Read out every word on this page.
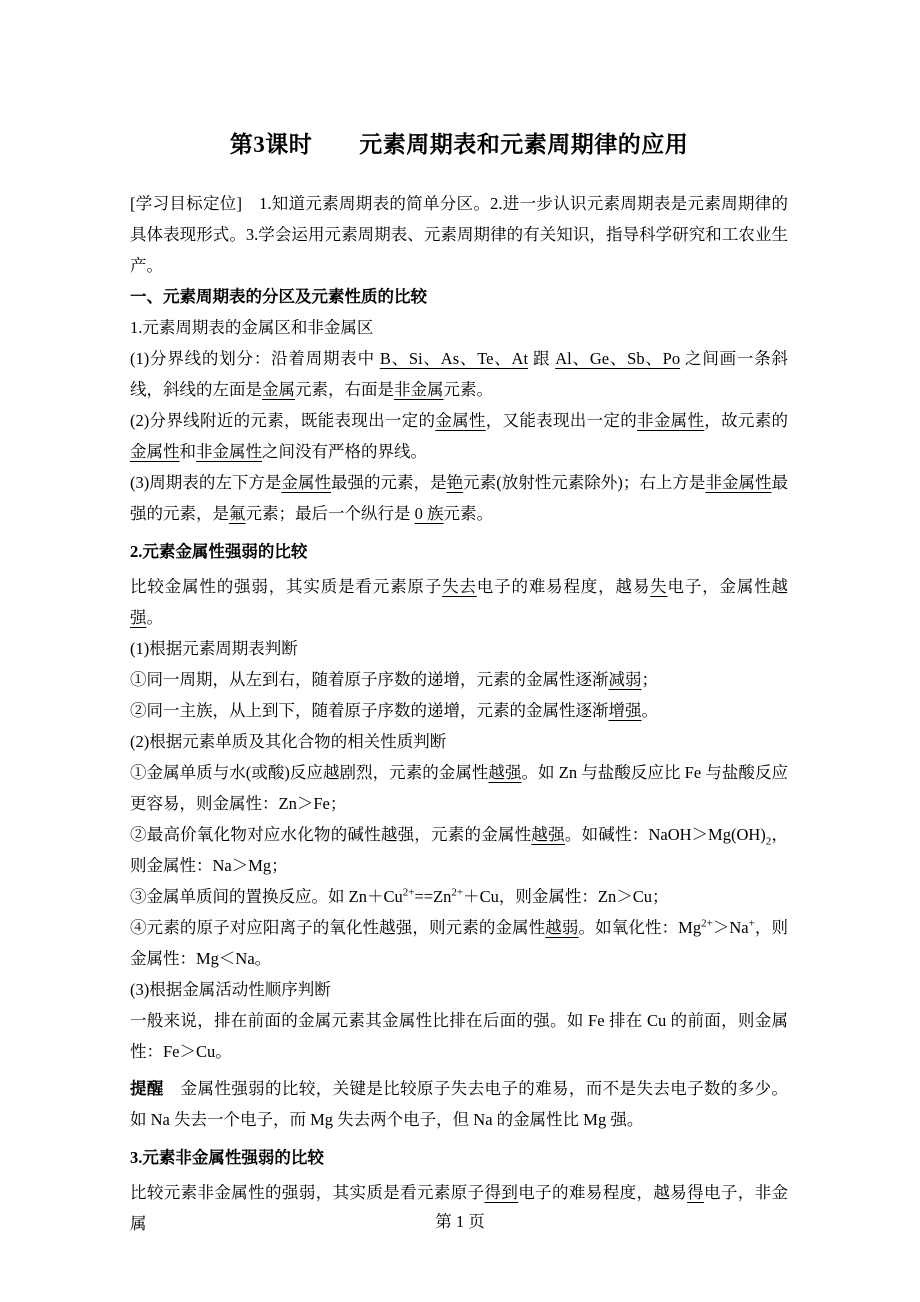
第3课时　　元素周期表和元素周期律的应用

[学习目标定位]　1.知道元素周期表的简单分区。2.进一步认识元素周期表是元素周期律的具体表现形式。3.学会运用元素周期表、元素周期律的有关知识，指导科学研究和工农业生产。

一、元素周期表的分区及元素性质的比较

1.元素周期表的金属区和非金属区

(1)分界线的划分：沿着周期表中 B、Si、As、Te、At 跟 Al、Ge、Sb、Po 之间画一条斜线，斜线的左面是金属元素，右面是非金属元素。

(2)分界线附近的元素，既能表现出一定的金属性，又能表现出一定的非金属性，故元素的金属性和非金属性之间没有严格的界线。

(3)周期表的左下方是金属性最强的元素，是铯元素(放射性元素除外)；右上方是非金属性最强的元素，是氟元素；最后一个纵行是 0 族元素。

2.元素金属性强弱的比较

比较金属性的强弱，其实质是看元素原子失去电子的难易程度，越易失电子，金属性越强。

(1)根据元素周期表判断

①同一周期，从左到右，随着原子序数的递增，元素的金属性逐渐减弱；

②同一主族，从上到下，随着原子序数的递增，元素的金属性逐渐增强。

(2)根据元素单质及其化合物的相关性质判断

①金属单质与水(或酸)反应越剧烈，元素的金属性越强。如 Zn 与盐酸反应比 Fe 与盐酸反应更容易，则金属性：Zn＞Fe；

②最高价氧化物对应水化物的碱性越强，元素的金属性越强。如碱性：$NaOH>Mg(OH)_2$，则金属性：Na＞Mg；

③金属单质间的置换反应。如 $Zn+Cu^{2+}==Zn^{2+}+Cu$，则金属性：Zn＞Cu；

④元素的原子对应阳离子的氧化性越强，则元素的金属性越弱。如氧化性：$Mg^{2+}>Na^+$，则金属性：Mg＜Na。

(3)根据金属活动性顺序判断

一般来说，排在前面的金属元素其金属性比排在后面的强。如 Fe 排在 Cu 的前面，则金属性：Fe＞Cu。

提醒　金属性强弱的比较，关键是比较原子失去电子的难易，而不是失去电子数的多少。如 Na 失去一个电子，而 Mg 失去两个电子，但 Na 的金属性比 Mg 强。

3.元素非金属性强弱的比较

比较元素非金属性的强弱，其实质是看元素原子得到电子的难易程度，越易得电子，非金属	第 1 页
